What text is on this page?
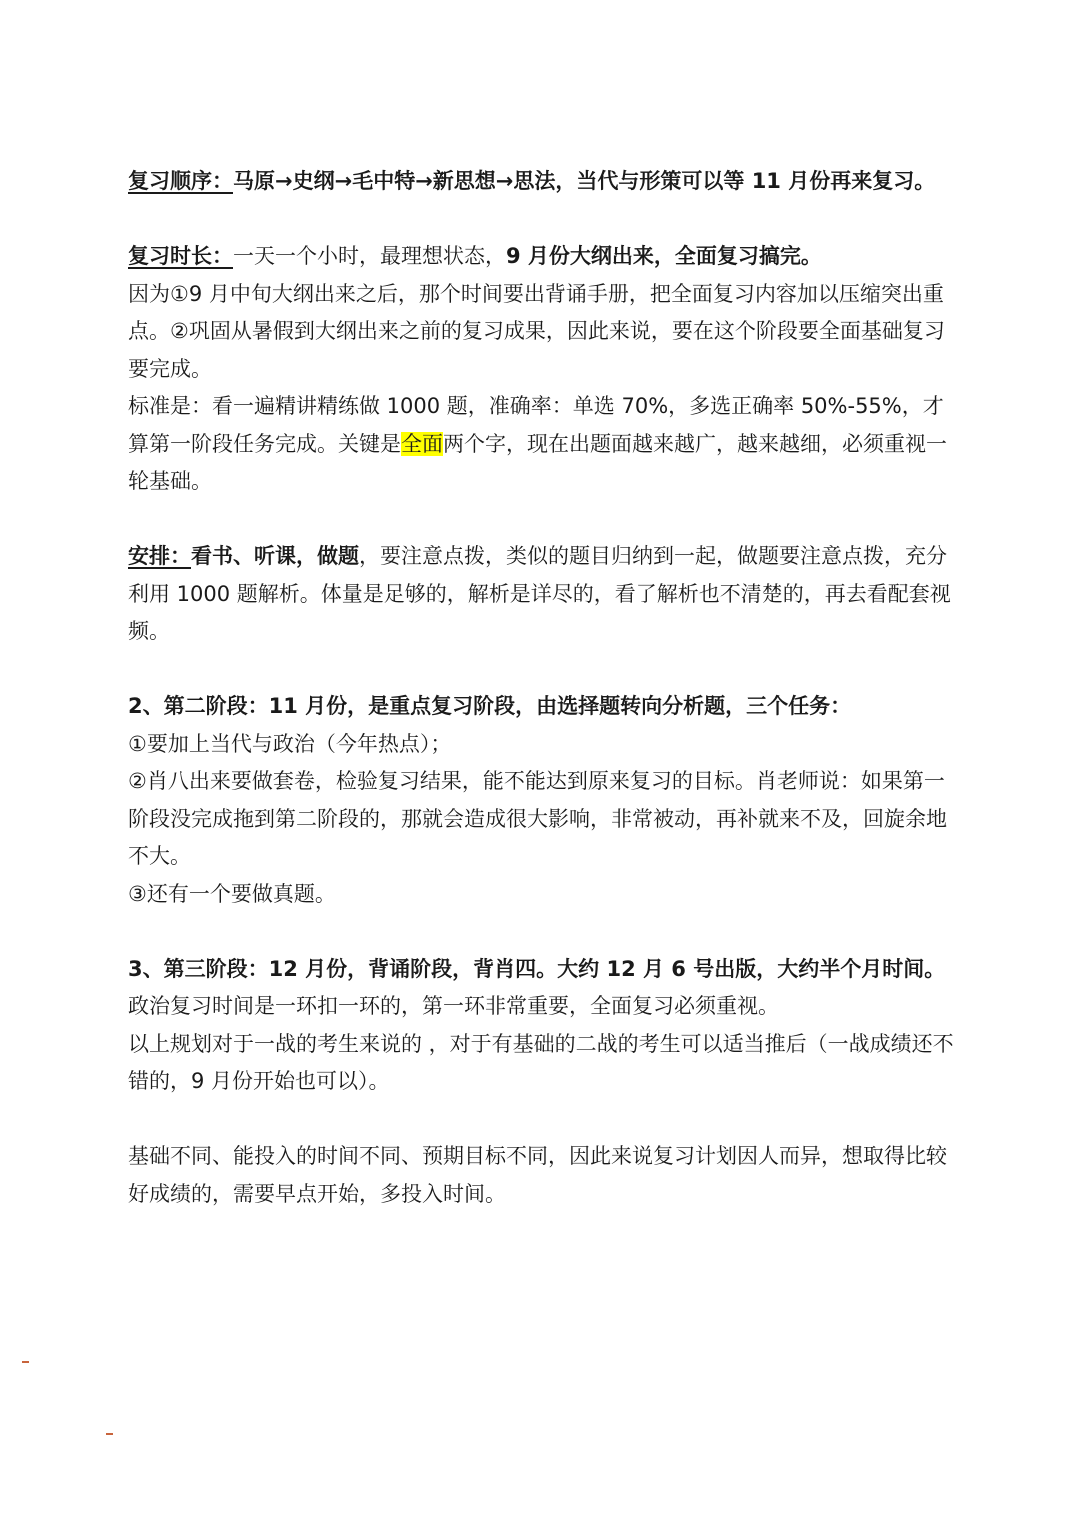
复习顺序：马原→史纲→毛中特→新思想→思法，当代与形策可以等 11 月份再来复习。

复习时长：一天一个小时，最理想状态，9 月份大纲出来，全面复习搞完。

因为①9 月中旬大纲出来之后，那个时间要出背诵手册，把全面复习内容加以压缩突出重点。②巩固从暑假到大纲出来之前的复习成果，因此来说，要在这个阶段要全面基础复习要完成。

标准是：看一遍精讲精练做 1000 题，准确率：单选 70%，多选正确率 50%-55%，才算第一阶段任务完成。关键是全面两个字，现在出题面越来越广，越来越细，必须重视一轮基础。

安排：看书、听课，做题，要注意点拨，类似的题目归纳到一起，做题要注意点拨，充分利用 1000 题解析。体量是足够的，解析是详尽的，看了解析也不清楚的，再去看配套视频。

2、第二阶段：11 月份，是重点复习阶段，由选择题转向分析题，三个任务：

①要加上当代与政治（今年热点）；

②肖八出来要做套卷，检验复习结果，能不能达到原来复习的目标。肖老师说：如果第一阶段没完成拖到第二阶段的，那就会造成很大影响，非常被动，再补就来不及，回旋余地不大。

③还有一个要做真题。

3、第三阶段：12 月份，背诵阶段，背肖四。大约 12 月 6 号出版，大约半个月时间。

政治复习时间是一环扣一环的，第一环非常重要，全面复习必须重视。

以上规划对于一战的考生来说的 ，对于有基础的二战的考生可以适当推后（一战成绩还不错的，9 月份开始也可以）。

基础不同、能投入的时间不同、预期目标不同，因此来说复习计划因人而异，想取得比较好成绩的，需要早点开始，多投入时间。
